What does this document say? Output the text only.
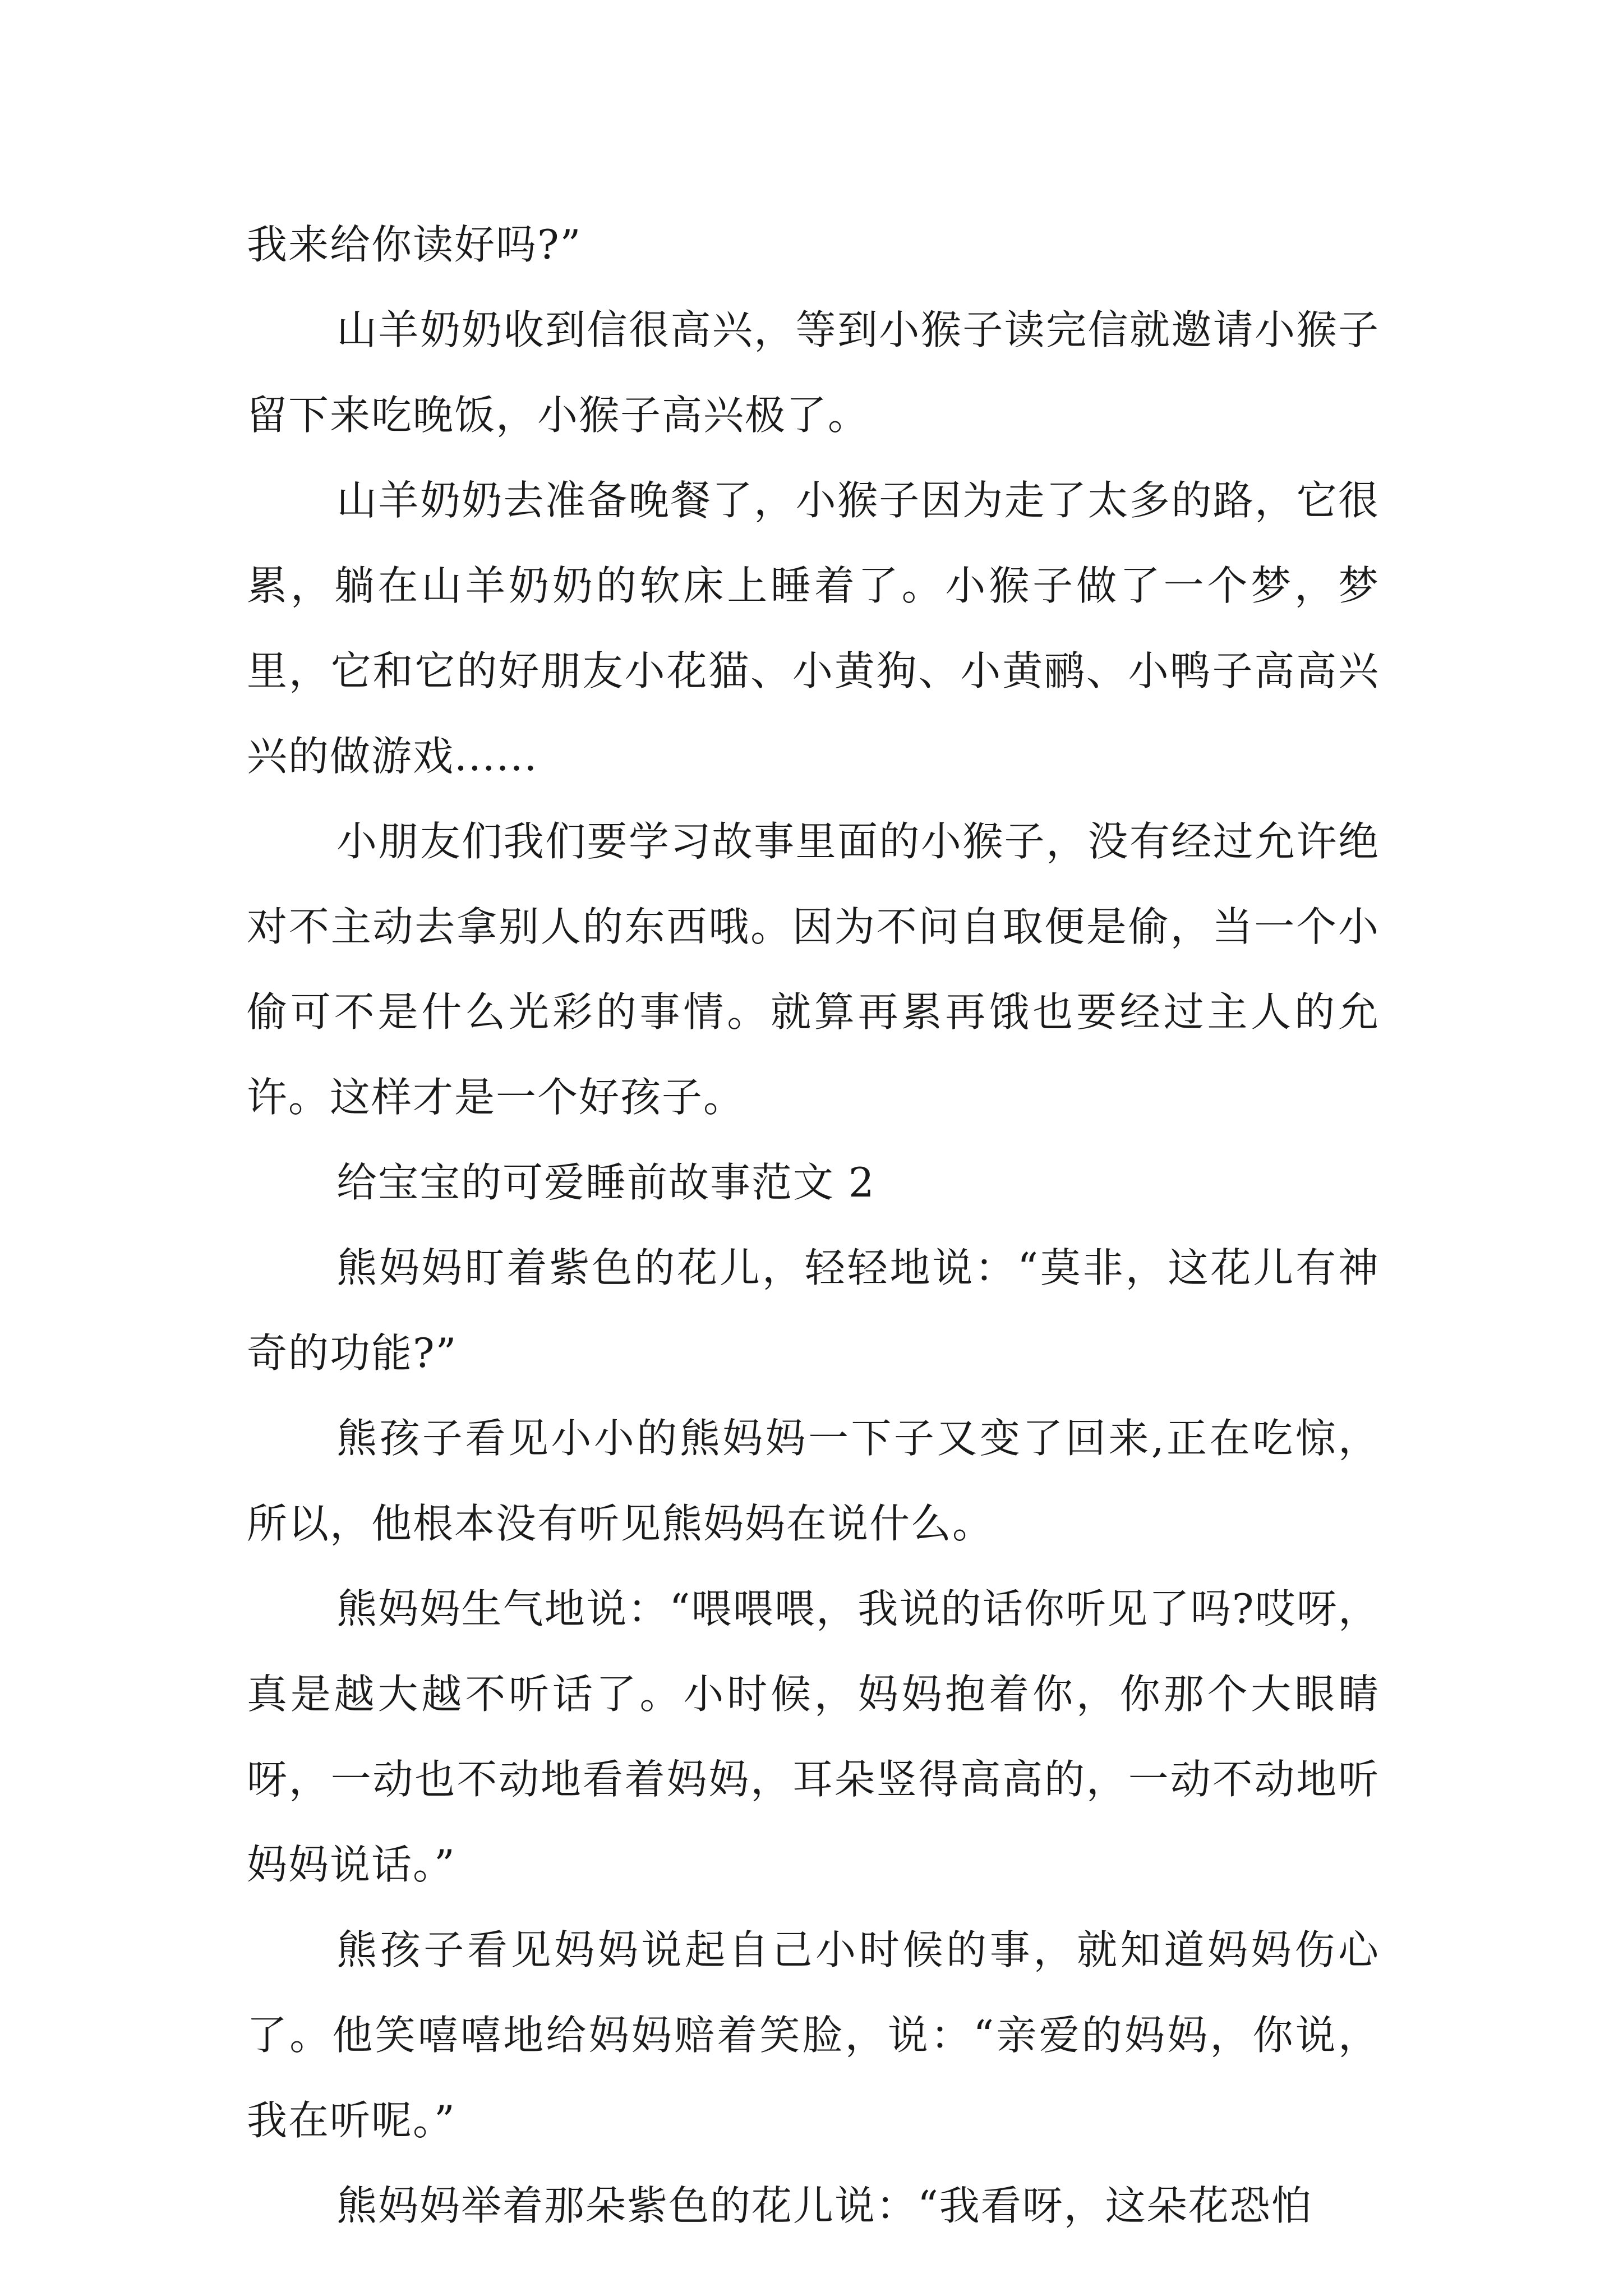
我来给你读好吗?”

山羊奶奶收到信很高兴，等到小猴子读完信就邀请小猴子留下来吃晚饭，小猴子高兴极了。

山羊奶奶去准备晚餐了，小猴子因为走了太多的路，它很累，躺在山羊奶奶的软床上睡着了。小猴子做了一个梦，梦里，它和它的好朋友小花猫、小黄狗、小黄鹂、小鸭子高高兴兴的做游戏......

小朋友们我们要学习故事里面的小猴子，没有经过允许绝对不主动去拿别人的东西哦。因为不问自取便是偷，当一个小偷可不是什么光彩的事情。就算再累再饿也要经过主人的允许。这样才是一个好孩子。

给宝宝的可爱睡前故事范文 2

熊妈妈盯着紫色的花儿，轻轻地说：“莫非，这花儿有神奇的功能?”

熊孩子看见小小的熊妈妈一下子又变了回来,正在吃惊，所以，他根本没有听见熊妈妈在说什么。

熊妈妈生气地说：“喂喂喂，我说的话你听见了吗?哎呀，真是越大越不听话了。小时候，妈妈抱着你，你那个大眼睛呀，一动也不动地看着妈妈，耳朵竖得高高的，一动不动地听妈妈说话。”

熊孩子看见妈妈说起自己小时候的事，就知道妈妈伤心了。他笑嘻嘻地给妈妈赔着笑脸，说：“亲爱的妈妈，你说，我在听呢。”

熊妈妈举着那朵紫色的花儿说：“我看呀，这朵花恐怕
